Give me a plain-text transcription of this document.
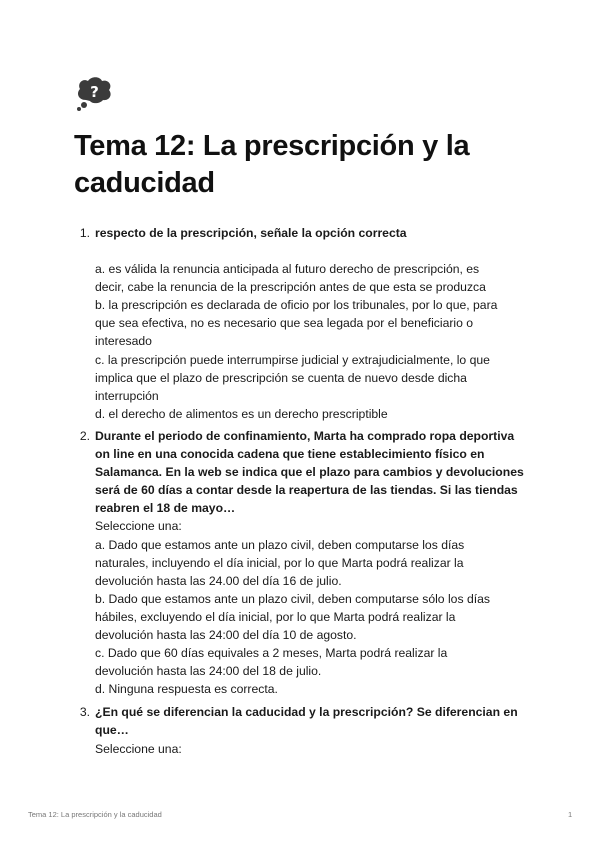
?
Tema 12: La prescripción y la
caducidad
1. respecto de la prescripción, señale la opción correcta
a. es válida la renuncia anticipada al futuro derecho de prescripción, es
decir, cabe la renuncia de la prescripción antes de que esta se produzca
b. la prescripción es declarada de oficio por los tribunales, por lo que, para
que sea efectiva, no es necesario que sea legada por el beneficiario o
interesado
c. la prescripción puede interrumpirse judicial y extrajudicialmente, lo que
implica que el plazo de prescripción se cuenta de nuevo desde dicha
interrupción
d. el derecho de alimentos es un derecho prescriptible
2. Durante el periodo de confinamiento, Marta ha comprado ropa deportiva
on line en una conocida cadena que tiene establecimiento físico en
Salamanca. En la web se indica que el plazo para cambios y devoluciones
será de 60 días a contar desde la reapertura de las tiendas. Si las tiendas
reabren el 18 de mayo…
Seleccione una:
a. Dado que estamos ante un plazo civil, deben computarse los días
naturales, incluyendo el día inicial, por lo que Marta podrá realizar la
devolución hasta las 24.00 del día 16 de julio.
b. Dado que estamos ante un plazo civil, deben computarse sólo los días
hábiles, excluyendo el día inicial, por lo que Marta podrá realizar la
devolución hasta las 24:00 del día 10 de agosto.
c. Dado que 60 días equivales a 2 meses, Marta podrá realizar la
devolución hasta las 24:00 del 18 de julio.
d. Ninguna respuesta es correcta.
3. ¿En qué se diferencian la caducidad y la prescripción? Se diferencian en
que…
Seleccione una:
Tema 12: La prescripción y la caducidad	1
